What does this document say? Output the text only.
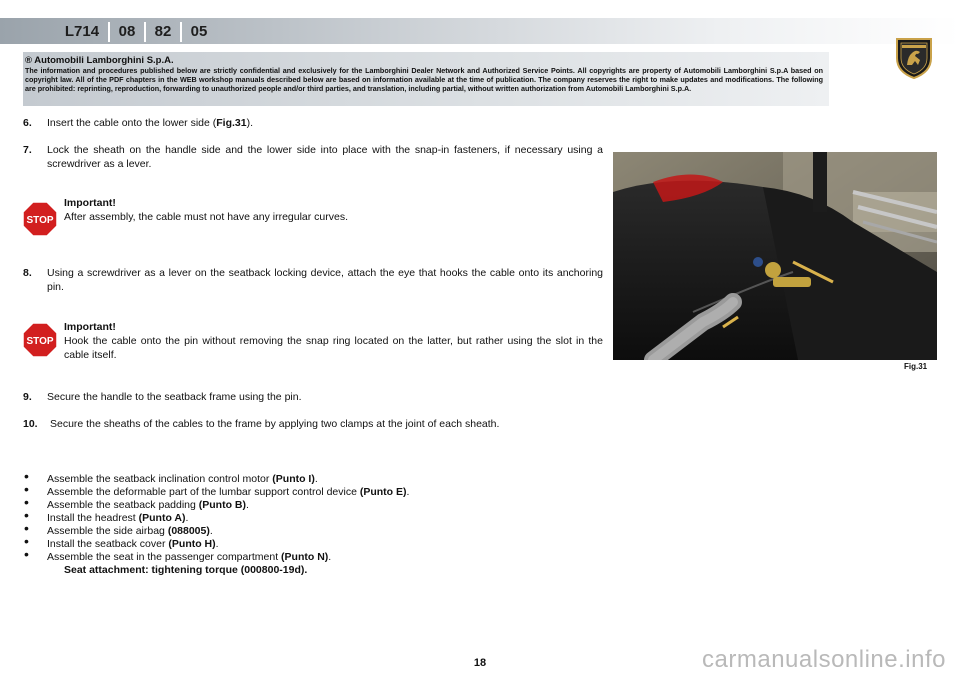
L714	08	82	05
® Automobili Lamborghini S.p.A.
The information and procedures published below are strictly confidential and exclusively for the Lamborghini Dealer Network and Authorized Service Points. All copyrights are property of Automobili Lamborghini S.p.A based on copyright law. All of the PDF chapters in the WEB workshop manuals described below are based on information available at the time of publication. The company reserves the right to make updates and modifications. The following are prohibited: reprinting, reproduction, forwarding to unauthorized people and/or third parties, and translation, including partial, without written authorization from Automobili Lamborghini S.p.A.
6. Insert the cable onto the lower side (Fig.31).
7. Lock the sheath on the handle side and the lower side into place with the snap-in fasteners, if necessary using a screwdriver as a lever.
STOP
Important!
After assembly, the cable must not have any irregular curves.
8. Using a screwdriver as a lever on the seatback locking device, attach the eye that hooks the cable onto its anchoring pin.
STOP
Important!
Hook the cable onto the pin without removing the snap ring located on the latter, but rather using the slot in the cable itself.
9. Secure the handle to the seatback frame using the pin.
10. Secure the sheaths of the cables to the frame by applying two clamps at the joint of each sheath.
Fig.31
• Assemble the seatback inclination control motor (Punto I).
• Assemble the deformable part of the lumbar support control device (Punto E).
• Assemble the seatback padding (Punto B).
• Install the headrest (Punto A).
• Assemble the side airbag (088005).
• Install the seatback cover (Punto H).
• Assemble the seat in the passenger compartment (Punto N).
Seat attachment: tightening torque (000800-19d).
18	carmanualsonline.info
